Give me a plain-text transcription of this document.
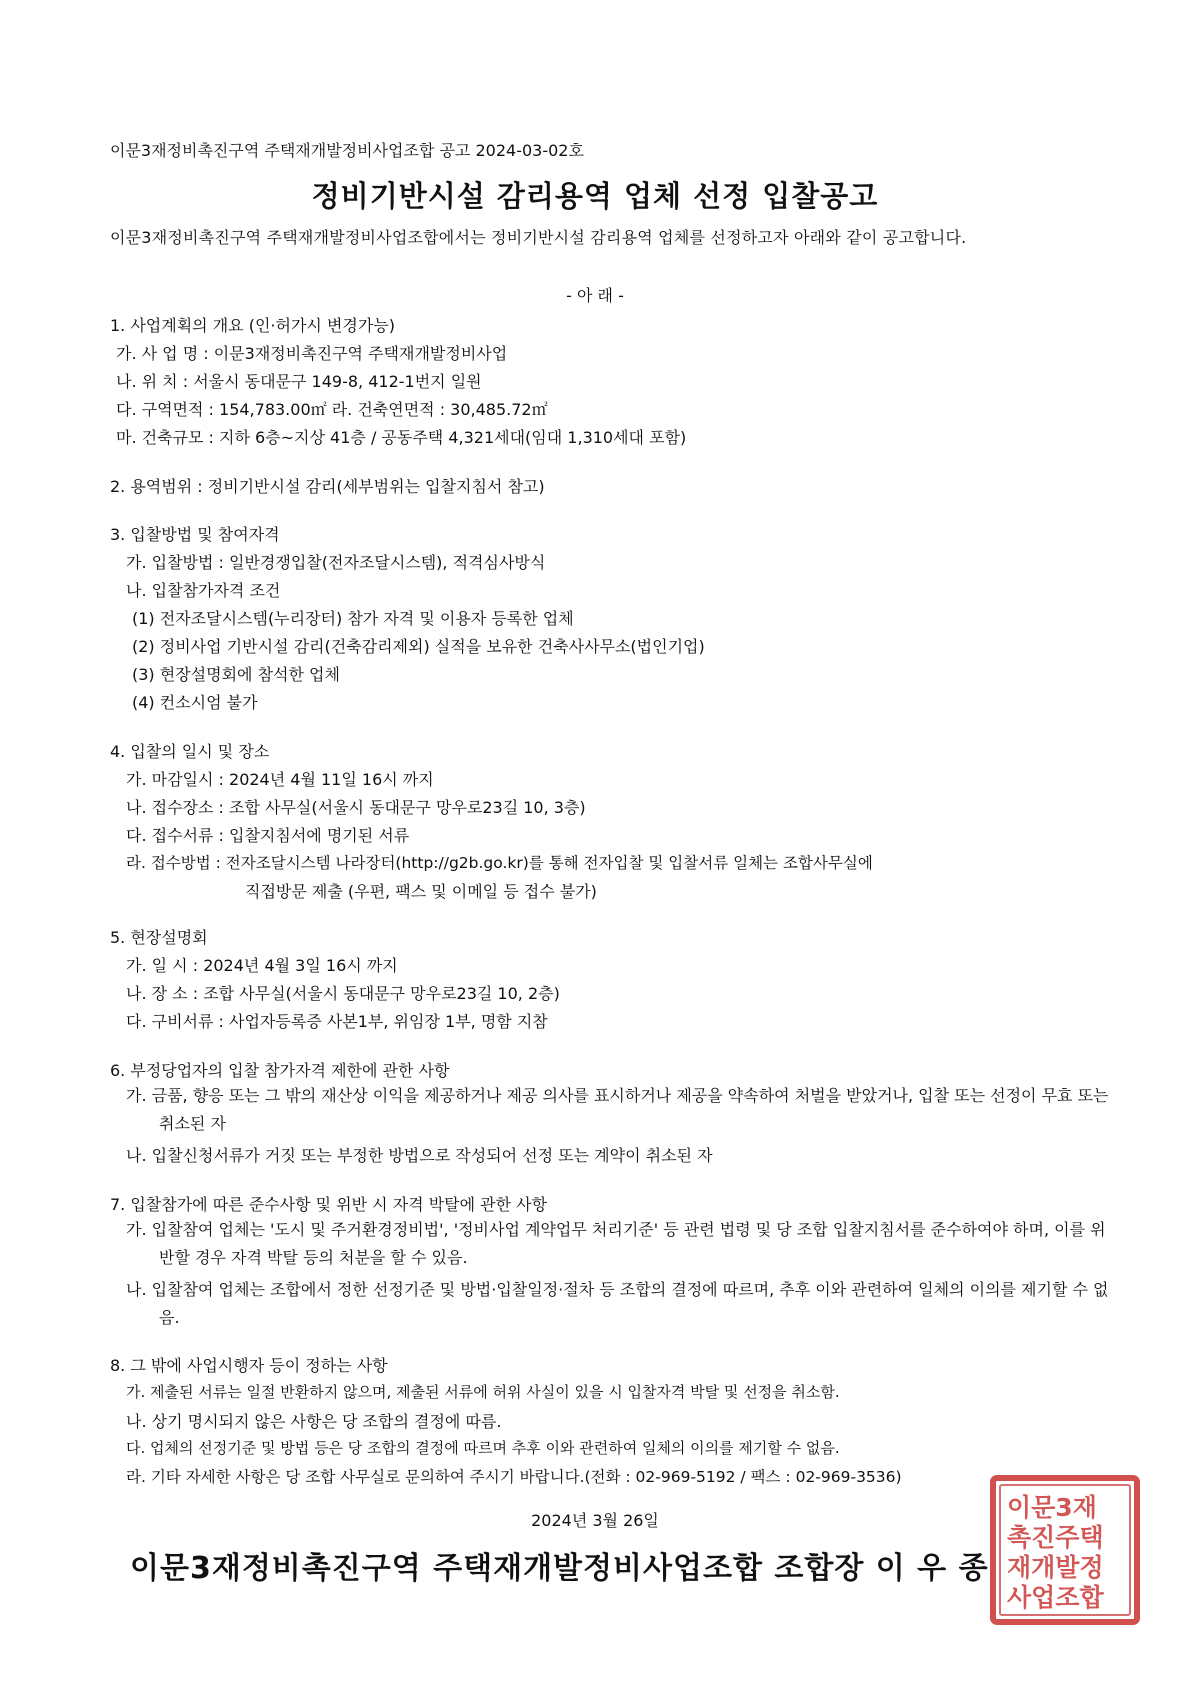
이문3재정비촉진구역 주택재개발정비사업조합 공고 2024-03-02호
정비기반시설 감리용역 업체 선정 입찰공고
이문3재정비촉진구역 주택재개발정비사업조합에서는 정비기반시설 감리용역 업체를 선정하고자 아래와 같이 공고합니다.
- 아 래 -
1. 사업계획의 개요 (인·허가시 변경가능)
가. 사 업 명 : 이문3재정비촉진구역 주택재개발정비사업
나. 위 치 : 서울시 동대문구 149-8, 412-1번지 일원
다. 구역면적 : 154,783.00㎡ 라. 건축연면적 : 30,485.72㎡
마. 건축규모 : 지하 6층~지상 41층 / 공동주택 4,321세대(임대 1,310세대 포함)
2. 용역범위 : 정비기반시설 감리(세부범위는 입찰지침서 참고)
3. 입찰방법 및 참여자격
가. 입찰방법 : 일반경쟁입찰(전자조달시스템), 적격심사방식
나. 입찰참가자격 조건
(1) 전자조달시스템(누리장터) 참가 자격 및 이용자 등록한 업체
(2) 정비사업 기반시설 감리(건축감리제외) 실적을 보유한 건축사사무소(법인기업)
(3) 현장설명회에 참석한 업체
(4) 컨소시엄 불가
4. 입찰의 일시 및 장소
가. 마감일시 : 2024년 4월 11일 16시 까지
나. 접수장소 : 조합 사무실(서울시 동대문구 망우로23길 10, 3층)
다. 접수서류 : 입찰지침서에 명기된 서류
라. 접수방법 : 전자조달시스템 나라장터(http://g2b.go.kr)를 통해 전자입찰 및 입찰서류 일체는 조합사무실에
직접방문 제출 (우편, 팩스 및 이메일 등 접수 불가)
5. 현장설명회
가. 일 시 : 2024년 4월 3일 16시 까지
나. 장 소 : 조합 사무실(서울시 동대문구 망우로23길 10, 2층)
다. 구비서류 : 사업자등록증 사본1부, 위임장 1부, 명함 지참
6. 부정당업자의 입찰 참가자격 제한에 관한 사항
가. 금품, 향응 또는 그 밖의 재산상 이익을 제공하거나 제공 의사를 표시하거나 제공을 약속하여 처벌을 받았거나, 입찰 또는 선정이 무효 또는 취소된 자
나. 입찰신청서류가 거짓 또는 부정한 방법으로 작성되어 선정 또는 계약이 취소된 자
7. 입찰참가에 따른 준수사항 및 위반 시 자격 박탈에 관한 사항
가. 입찰참여 업체는 '도시 및 주거환경정비법', '정비사업 계약업무 처리기준' 등 관련 법령 및 당 조합 입찰지침서를 준수하여야 하며, 이를 위반할 경우 자격 박탈 등의 처분을 할 수 있음.
나. 입찰참여 업체는 조합에서 정한 선정기준 및 방법·입찰일정·절차 등 조합의 결정에 따르며, 추후 이와 관련하여 일체의 이의를 제기할 수 없음.
8. 그 밖에 사업시행자 등이 정하는 사항
가. 제출된 서류는 일절 반환하지 않으며, 제출된 서류에 허위 사실이 있을 시 입찰자격 박탈 및 선정을 취소함.
나. 상기 명시되지 않은 사항은 당 조합의 결정에 따름.
다. 업체의 선정기준 및 방법 등은 당 조합의 결정에 따르며 추후 이와 관련하여 일체의 이의를 제기할 수 없음.
라. 기타 자세한 사항은 당 조합 사무실로 문의하여 주시기 바랍니다.(전화 : 02-969-5192 / 팩스 : 02-969-3536)
2024년 3월 26일
이문3재정비촉진구역 주택재개발정비사업조합 조합장 이 우 종
이문3재
촉진주택
재개발정
사업조합
